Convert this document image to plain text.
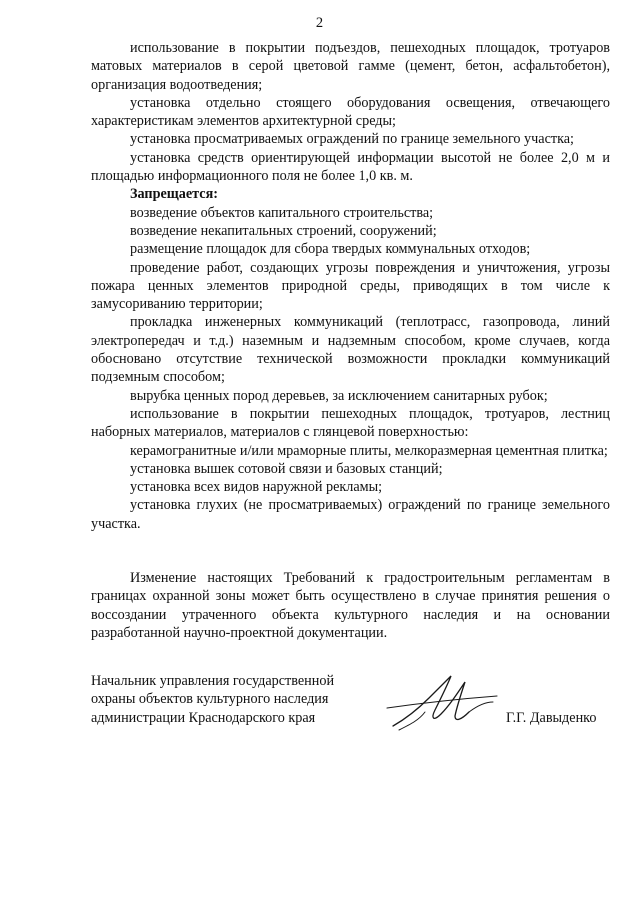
2

использование в покрытии подъездов, пешеходных площадок, тротуаров матовых материалов в серой цветовой гамме (цемент, бетон, асфальтобетон), организация водоотведения;

установка отдельно стоящего оборудования освещения, отвечающего характеристикам элементов архитектурной среды;

установка просматриваемых ограждений по границе земельного участка;

установка средств ориентирующей информации высотой не более 2,0 м и площадью информационного поля не более 1,0 кв. м.

Запрещается:

возведение объектов капитального строительства;

возведение некапитальных строений, сооружений;

размещение площадок для сбора твердых коммунальных отходов;

проведение работ, создающих угрозы повреждения и уничтожения, угрозы пожара ценных элементов природной среды, приводящих в том числе к замусориванию территории;

прокладка инженерных коммуникаций (теплотрасс, газопровода, линий электропередач и т.д.) наземным и надземным способом, кроме случаев, когда обосновано отсутствие технической возможности прокладки коммуникаций подземным способом;

вырубка ценных пород деревьев, за исключением санитарных рубок;

использование в покрытии пешеходных площадок, тротуаров, лестниц наборных материалов, материалов с глянцевой поверхностью:

керамогранитные и/или мраморные плиты, мелкоразмерная цементная плитка;

установка вышек сотовой связи и базовых станций;

установка всех видов наружной рекламы;

установка глухих (не просматриваемых) ограждений по границе земельного участка.

Изменение настоящих Требований к градостроительным регламентам в границах охранной зоны может быть осуществлено в случае принятия решения о воссоздании утраченного объекта культурного наследия и на основании разработанной научно-проектной документации.

Начальник управления государственной
охраны объектов культурного наследия
администрации Краснодарского края	Г.Г. Давыденко
